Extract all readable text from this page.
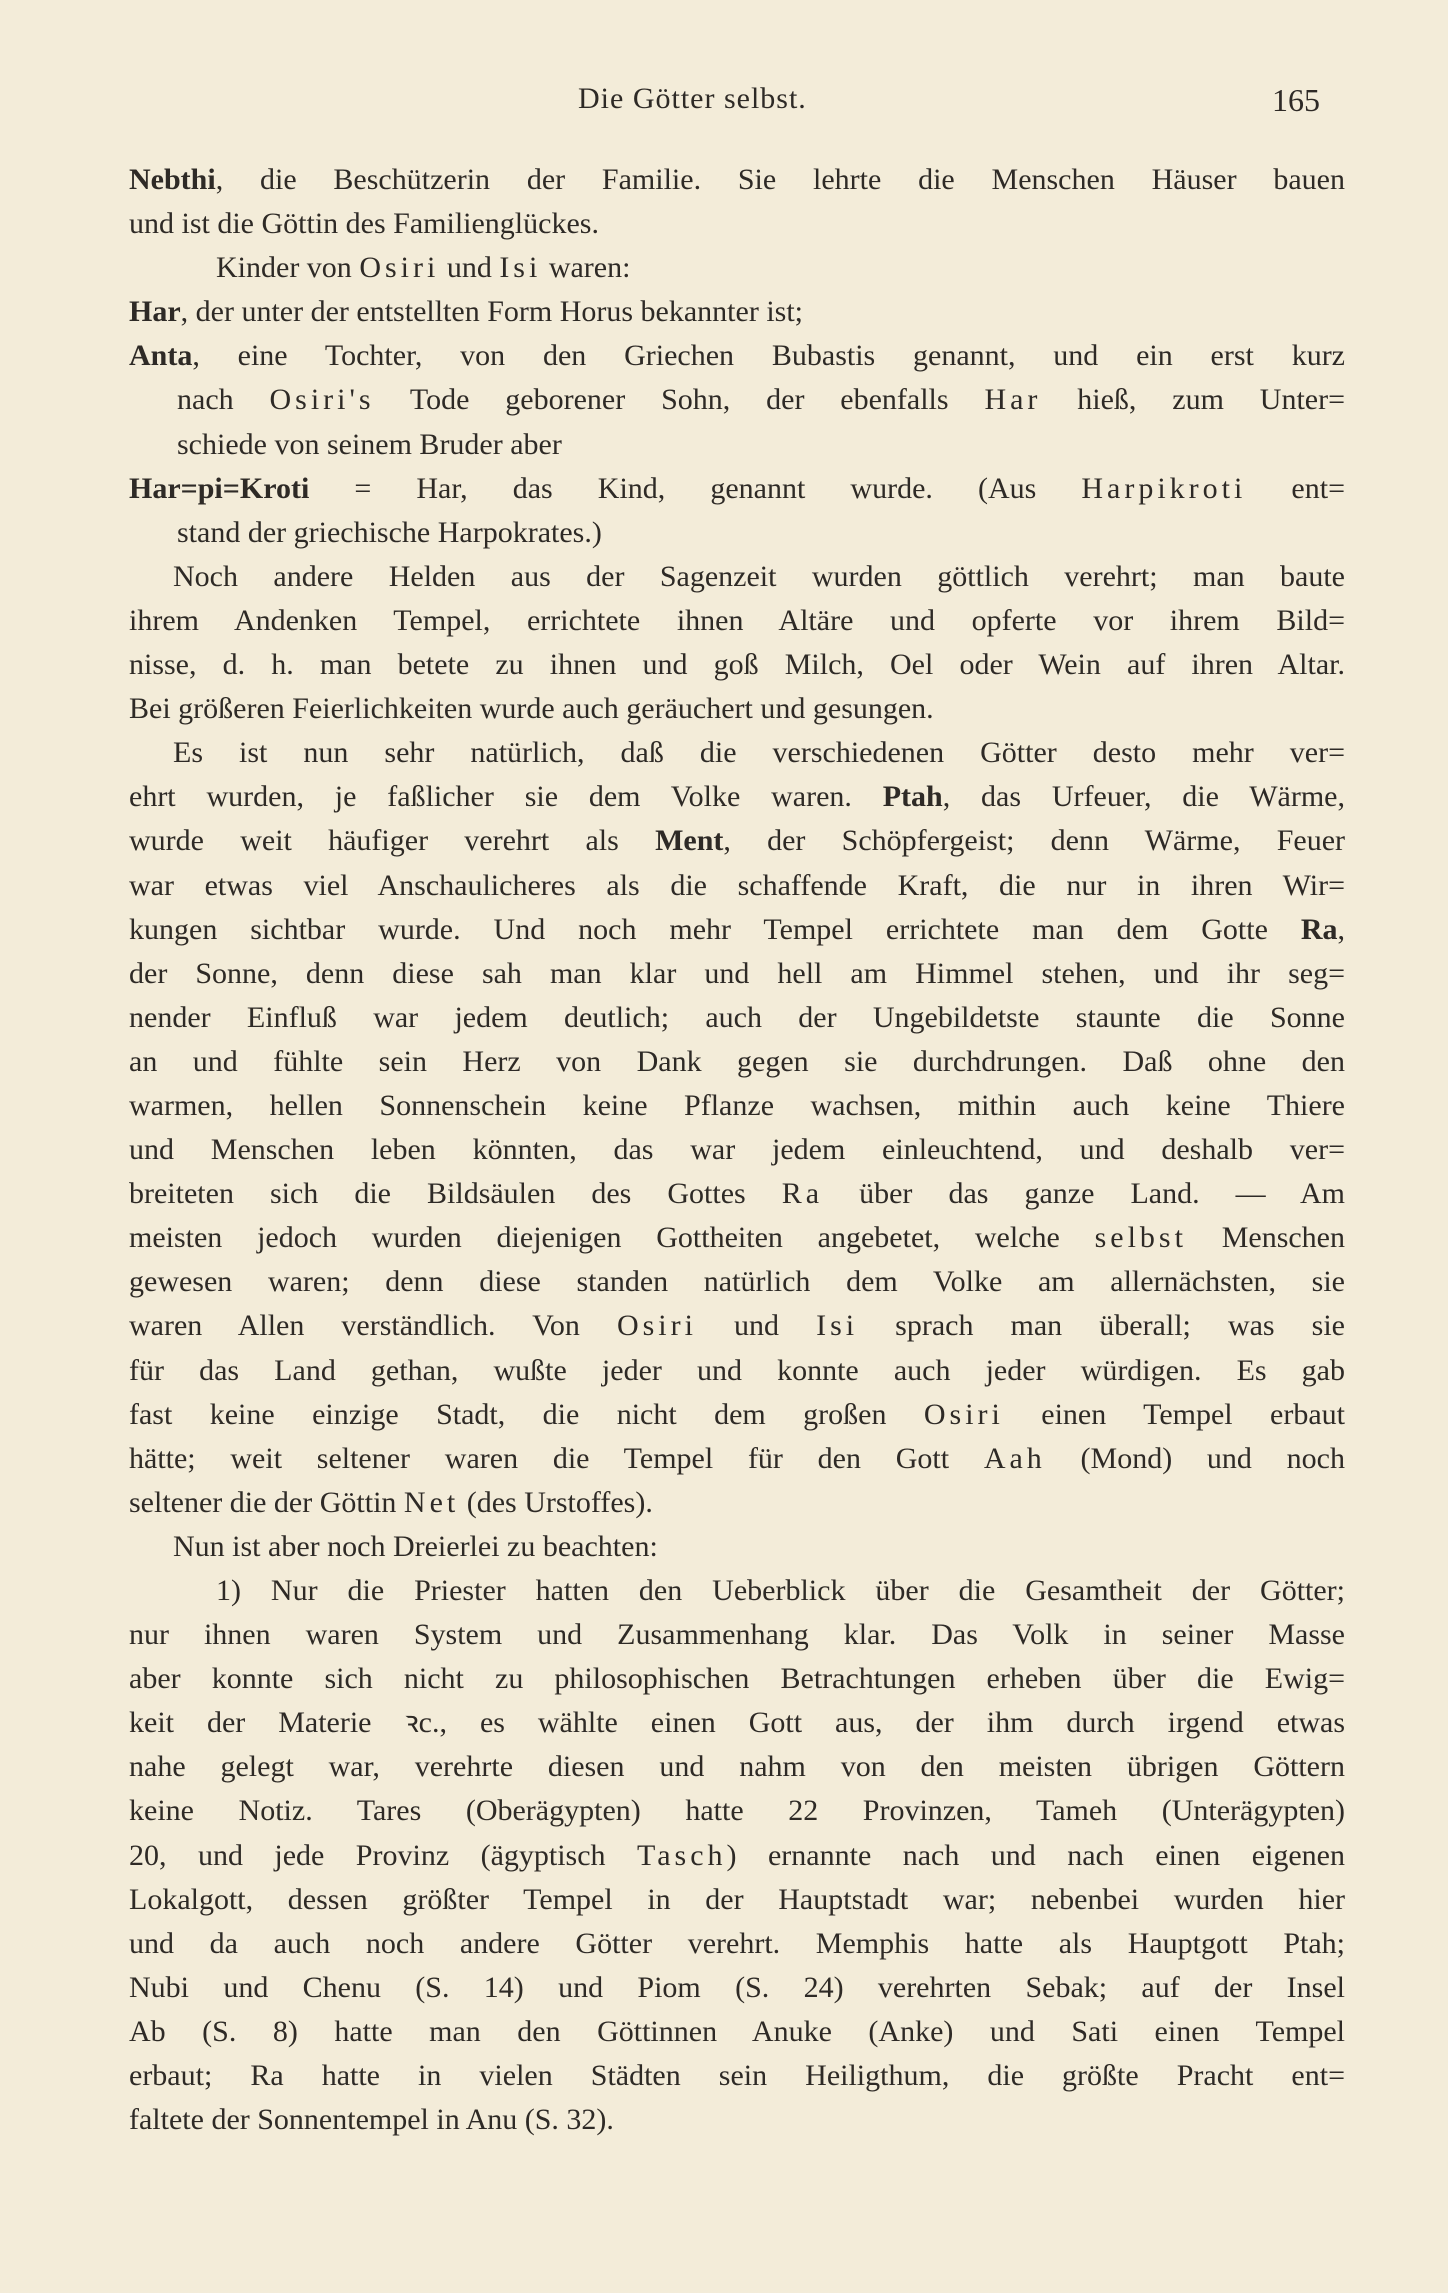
Die Götter selbst.	165
Nebthi, die Beschützerin der Familie. Sie lehrte die Menschen Häuser bauen
und ist die Göttin des Familienglückes.
Kinder von Osiri und Isi waren:
Har, der unter der entstellten Form Horus bekannter ist;
Anta, eine Tochter, von den Griechen Bubastis genannt, und ein erst kurz
nach Osiri's Tode geborener Sohn, der ebenfalls Har hieß, zum Unter=
schiede von seinem Bruder aber
Har=pi=Kroti = Har, das Kind, genannt wurde. (Aus Harpikroti ent=
stand der griechische Harpokrates.)
Noch andere Helden aus der Sagenzeit wurden göttlich verehrt; man baute
ihrem Andenken Tempel, errichtete ihnen Altäre und opferte vor ihrem Bild=
nisse, d. h. man betete zu ihnen und goß Milch, Oel oder Wein auf ihren Altar.
Bei größeren Feierlichkeiten wurde auch geräuchert und gesungen.
Es ist nun sehr natürlich, daß die verschiedenen Götter desto mehr ver=
ehrt wurden, je faßlicher sie dem Volke waren. Ptah, das Urfeuer, die Wärme,
wurde weit häufiger verehrt als Ment, der Schöpfergeist; denn Wärme, Feuer
war etwas viel Anschaulicheres als die schaffende Kraft, die nur in ihren Wir=
kungen sichtbar wurde. Und noch mehr Tempel errichtete man dem Gotte Ra,
der Sonne, denn diese sah man klar und hell am Himmel stehen, und ihr seg=
nender Einfluß war jedem deutlich; auch der Ungebildetste staunte die Sonne
an und fühlte sein Herz von Dank gegen sie durchdrungen. Daß ohne den
warmen, hellen Sonnenschein keine Pflanze wachsen, mithin auch keine Thiere
und Menschen leben könnten, das war jedem einleuchtend, und deshalb ver=
breiteten sich die Bildsäulen des Gottes Ra über das ganze Land. — Am
meisten jedoch wurden diejenigen Gottheiten angebetet, welche selbst Menschen
gewesen waren; denn diese standen natürlich dem Volke am allernächsten, sie
waren Allen verständlich. Von Osiri und Isi sprach man überall; was sie
für das Land gethan, wußte jeder und konnte auch jeder würdigen. Es gab
fast keine einzige Stadt, die nicht dem großen Osiri einen Tempel erbaut
hätte; weit seltener waren die Tempel für den Gott Aah (Mond) und noch
seltener die der Göttin Net (des Urstoffes).
Nun ist aber noch Dreierlei zu beachten:
1) Nur die Priester hatten den Ueberblick über die Gesamtheit der Götter;
nur ihnen waren System und Zusammenhang klar. Das Volk in seiner Masse
aber konnte sich nicht zu philosophischen Betrachtungen erheben über die Ewig=
keit der Materie ꝛc., es wählte einen Gott aus, der ihm durch irgend etwas
nahe gelegt war, verehrte diesen und nahm von den meisten übrigen Göttern
keine Notiz. Tares (Oberägypten) hatte 22 Provinzen, Tameh (Unterägypten)
20, und jede Provinz (ägyptisch Tasch) ernannte nach und nach einen eigenen
Lokalgott, dessen größter Tempel in der Hauptstadt war; nebenbei wurden hier
und da auch noch andere Götter verehrt. Memphis hatte als Hauptgott Ptah;
Nubi und Chenu (S. 14) und Piom (S. 24) verehrten Sebak; auf der Insel
Ab (S. 8) hatte man den Göttinnen Anuke (Anke) und Sati einen Tempel
erbaut; Ra hatte in vielen Städten sein Heiligthum, die größte Pracht ent=
faltete der Sonnentempel in Anu (S. 32).
